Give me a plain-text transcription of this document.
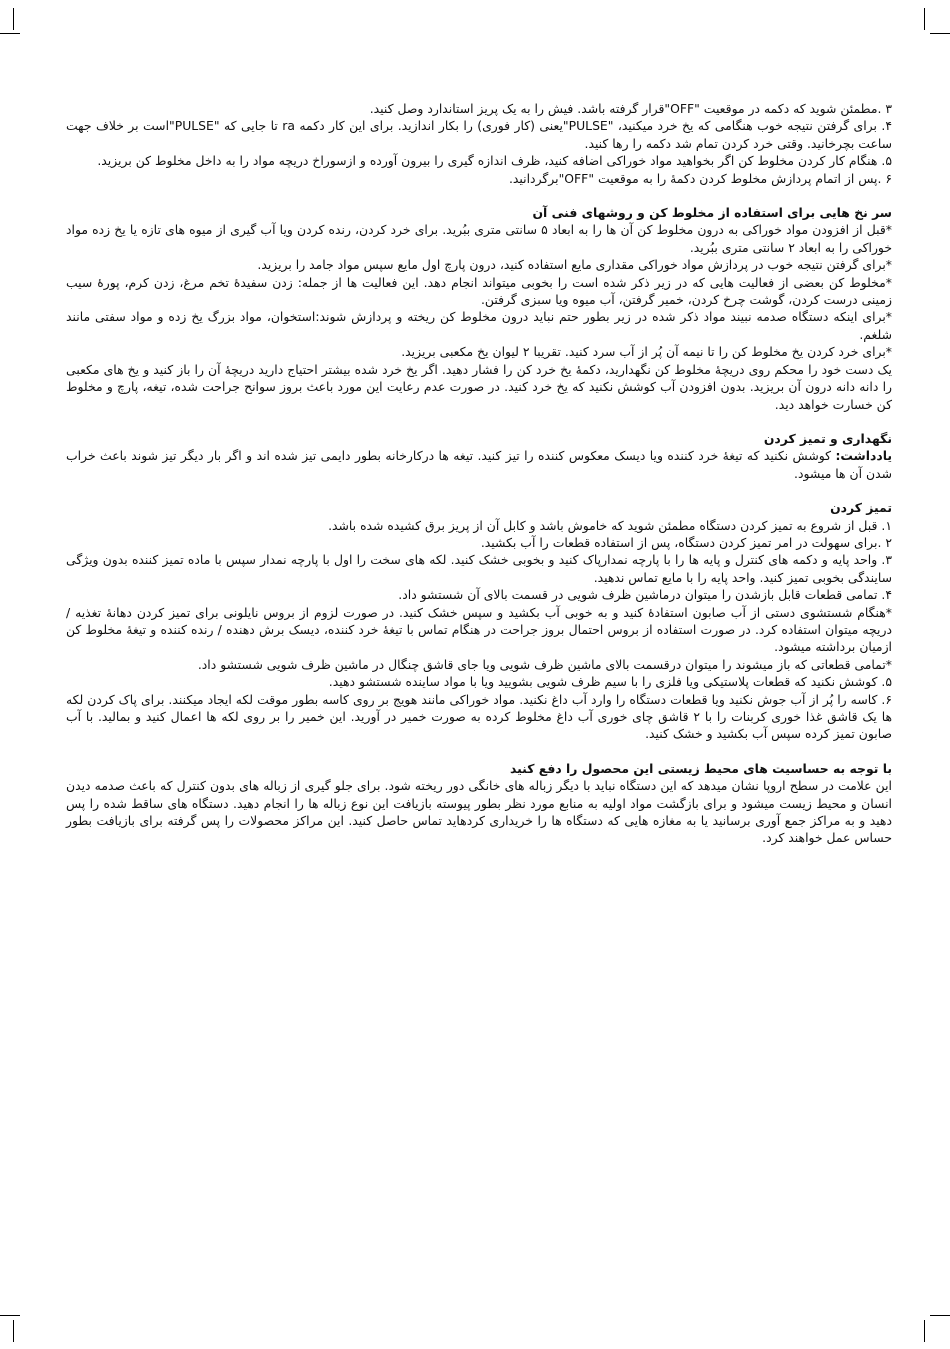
۳ .مطمئن شوید که دکمه در موقعیت "OFF"قرار گرفته باشد. فیش را به یک پریز استاندارد وصل کنید.

۴. برای گرفتن نتیجه خوب هنگامی که یخ خرد میکنید، "PULSE"یعنی (کار فوری) را بکار اندازید. برای این کار دکمه ra تا جایی که "PULSE"است بر خلاف جهت ساعت بچرخانید. وقتی خرد کردن تمام شد دکمه را رها کنید.

۵. هنگام کار کردن مخلوط کن اگر بخواهید مواد خوراکی اضافه کنید، ظرف اندازه گیری را بیرون آورده و ازسوراخ دریچه مواد را به داخل مخلوط کن بریزید.

۶ .پس از اتمام پردازش مخلوط کردن دکمهٔ را به موقعیت "OFF"برگردانید.

سر نخ هایی برای استفاده از مخلوط کن و روشهای فنی آن

*قبل از افزودن مواد خوراکی به درون مخلوط کن آن ها را به ابعاد ۵ سانتی متری ببُرید. برای خرد کردن، رنده کردن ویا آب گیری از میوه های تازه یا یخ زده مواد خوراکی را به ابعاد ۲ سانتی متری ببُرید.

*برای گرفتن نتیجه خوب در پردازش مواد خوراکی مقداری مایع استفاده کنید، درون پارچ اول مایع سپس مواد جامد را بریزید.

*مخلوط کن بعضی از فعالیت هایی که در زیر ذکر شده است را بخوبی میتواند انجام دهد. این فعالیت ها از جمله: زدن سفیدهٔ تخم مرغ، زدن کرم، پورهٔ سیب زمینی درست کردن، گوشت چرخ کردن، خمیر گرفتن، آب میوه ویا سبزی گرفتن.

*برای اینکه دستگاه صدمه نبیند مواد ذکر شده در زیر بطور حتم نباید درون مخلوط کن ریخته و پردازش شوند:استخوان، مواد بزرگ یخ زده و مواد سفتی مانند شلغم.

*برای خرد کردن یخ مخلوط کن را تا نیمه آن پُر از آب سرد کنید. تقریبا ۲ لیوان یخ مکعبی بریزید.

یک دست خود را محکم روی دریچهٔ مخلوط کن نگهدارید، دکمهٔ یخ خرد کن را فشار دهید. اگر یخ خرد شده بیشتر احتیاج دارید دریچهٔ آن را باز کنید و یخ های مکعبی را دانه دانه درون آن بریزید. بدون افزودن آب کوشش نکنید که یخ خرد کنید. در صورت عدم رعایت این مورد باعث بروز سوانح جراحت شده، تیغه، پارچ و مخلوط کن خسارت خواهد دید.

نگهداری و تمیز کردن

یادداشت: کوشش نکنید که تیغهٔ خرد کننده ویا دیسک معکوس کننده را تیز کنید. تیغه ها درکارخانه بطور دایمی تیز شده اند و اگر بار دیگر تیز شوند باعث خراب شدن آن ها میشود.

تمیز کردن

۱. قبل از شروع به تمیز کردن دستگاه مطمئن شوید که خاموش باشد و کابل آن از پریز برق کشیده شده باشد.

۲ .برای سهولت در امر تمیز کردن دستگاه، پس از استفاده قطعات را آب بکشید.

۳. واحد پایه و دکمه های کنترل و پایه ها را با پارچه نمدارپاک کنید و بخوبی خشک کنید. لکه های سخت را اول با پارچه نمدار سپس با ماده تمیز کننده بدون ویژگی سایندگی بخوبی تمیز کنید. واحد پایه را با مایع تماس ندهید.

۴. تمامی قطعات قابل بازشدن را میتوان درماشین ظرف شویی در قسمت بالای آن شستشو داد.

*هنگام شستشوی دستی از آب صابون استفادهٔ کنید و به خوبی آب بکشید و سپس خشک کنید. در صورت لزوم از بروس نایلونی برای تمیز کردن دهانهٔ تغذیه / دریچه میتوان استفاده کرد. در صورت استفاده از بروس احتمال بروز جراحت در هنگام تماس با تیغهٔ خرد کننده، دیسک برش دهنده / رنده کننده و تیغهٔ مخلوط کن ازمیان برداشته میشود.

*تمامی قطعاتی که باز میشوند را میتوان درقسمت بالای ماشین ظرف شویی ویا جای قاشق چنگال در ماشین ظرف شویی شستشو داد.

۵. کوشش نکنید که قطعات پلاستیکی ویا فلزی را با سیم ظرف شویی بشویید ویا با مواد ساینده شستشو دهید.

۶. کاسه را پُر از آب جوش نکنید ویا قطعات دستگاه را وارد آب داغ نکنید. مواد خوراکی مانند هویج بر روی کاسه بطور موقت لکه ایجاد میکنند. برای پاک کردن لکه ها یک قاشق غذا خوری کربنات را با ۲ قاشق چای خوری آب داغ مخلوط کرده به صورت خمیر در آورید. این خمیر را بر روی لکه ها اعمال کنید و بمالید. با آب صابون تمیز کرده سپس آب بکشید و خشک کنید.

با توجه به حساسیت های محیط زیستی این محصول را دفع کنید

این علامت در سطح اروپا نشان میدهد که این دستگاه نباید با دیگر زباله های خانگی دور ریخته شود. برای جلو گیری از زباله های بدون کنترل که باعث صدمه دیدن انسان و محیط زیست میشود و برای بازگشت مواد اولیه به منابع مورد نظر بطور پیوسته بازیافت این نوع زباله ها را انجام دهید. دستگاه های ساقط شده را پس دهید و به مراکز جمع آوری برسانید یا به مغازه هایی که دستگاه ها را خریداری کردهاید تماس حاصل کنید. این مراکز محصولات را پس گرفته برای بازیافت بطور حساس عمل خواهند کرد.
